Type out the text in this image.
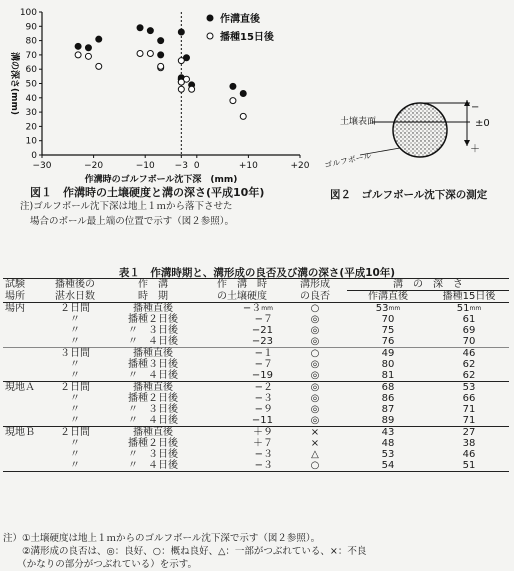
0
10
20
30
40
50
60
70
80
90
100
−30	−20	−10 −3 0	+10	+20
作溝時のゴルフボール沈下深　(mm)
溝の深さ(mm)
作溝直後
播種15日後
図１　作溝時の土壌硬度と溝の深さ(平成10年)
注)ゴルフボール沈下深は地上１ｍから落下させた
場合のボール最上端の位置で示す（図２参照）。
土壌表面
−
±0
＋
ゴルフボール
図２　ゴルフボール沈下深の測定
表１　作溝時期と、溝形成の良否及び溝の深さ(平成10年)
試験	播種後の	作　溝	作　溝　時	溝形成	溝　の　深　さ	
場所	湛水日数	時　期	の土壌硬度	の良否	作溝直後	播種15日後
場内	２日間	播種直後	$-3^{mm}$	○	$53^{mm}$	$51^{mm}$
	〃	播種２日後	−７	◎	70	61
	〃	〃　３日後	−21	◎	75	69
	〃	〃　４日後	−23	◎	76	70
	３日間	播種直後	−１	○	49	46
	〃	播種３日後	−７	◎	80	62
	〃	〃　４日後	−19	◎	81	62
現地Ａ	２日間	播種直後	−２	◎	68	53
	〃	播種２日後	−３	◎	86	66
	〃	〃　３日後	−９	◎	87	71
	〃	〃　４日後	−11	◎	89	71
現地Ｂ	２日間	播種直後	＋９	×	43	27
	〃	播種２日後	＋７	×	48	38
	〃	〃　３日後	−３	△	53	46
	〃	〃　４日後	−３	○	54	51
注）①土壌硬度は地上１ｍからのゴルフボール沈下深で示す（図２参照）。
　　②溝形成の良否は、◎：良好、○：概ね良好、△：一部がつぶれている、×：不良
　　（かなりの部分がつぶれている）を示す。
